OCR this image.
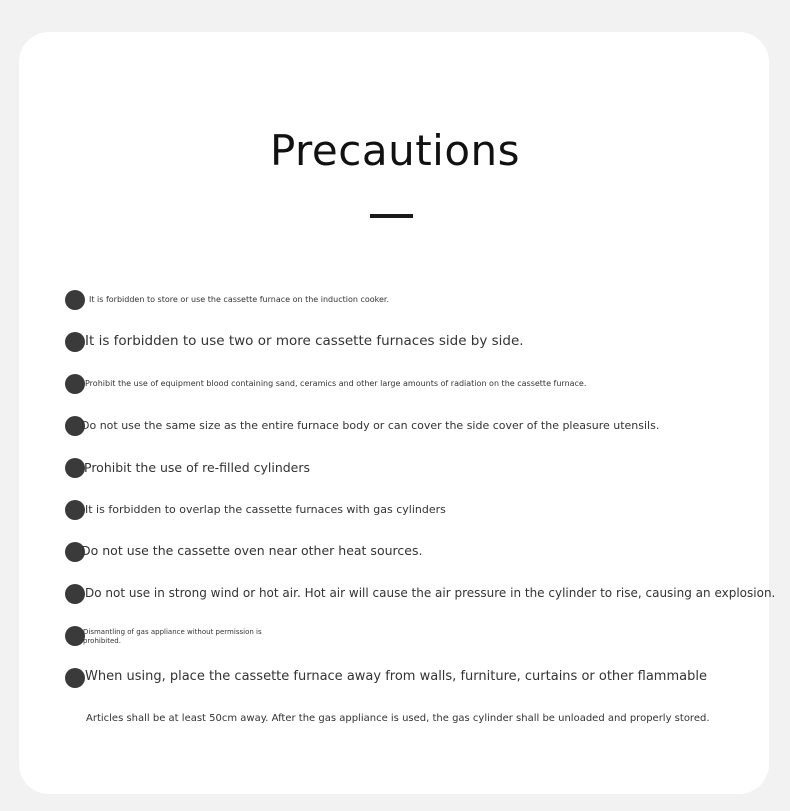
Precautions
It is forbidden to store or use the cassette furnace on the induction cooker.
It is forbidden to use two or more cassette furnaces side by side.
Prohibit the use of equipment blood containing sand, ceramics and other large amounts of radiation on the cassette furnace.
Do not use the same size as the entire furnace body or can cover the side cover of the pleasure utensils.
Prohibit the use of re-filled cylinders
It is forbidden to overlap the cassette furnaces with gas cylinders
Do not use the cassette oven near other heat sources.
Do not use in strong wind or hot air. Hot air will cause the air pressure in the cylinder to rise, causing an explosion.
Dismantling of gas appliance without permission is prohibited.
When using, place the cassette furnace away from walls, furniture, curtains or other flammable
Articles shall be at least 50cm away. After the gas appliance is used, the gas cylinder shall be unloaded and properly stored.
